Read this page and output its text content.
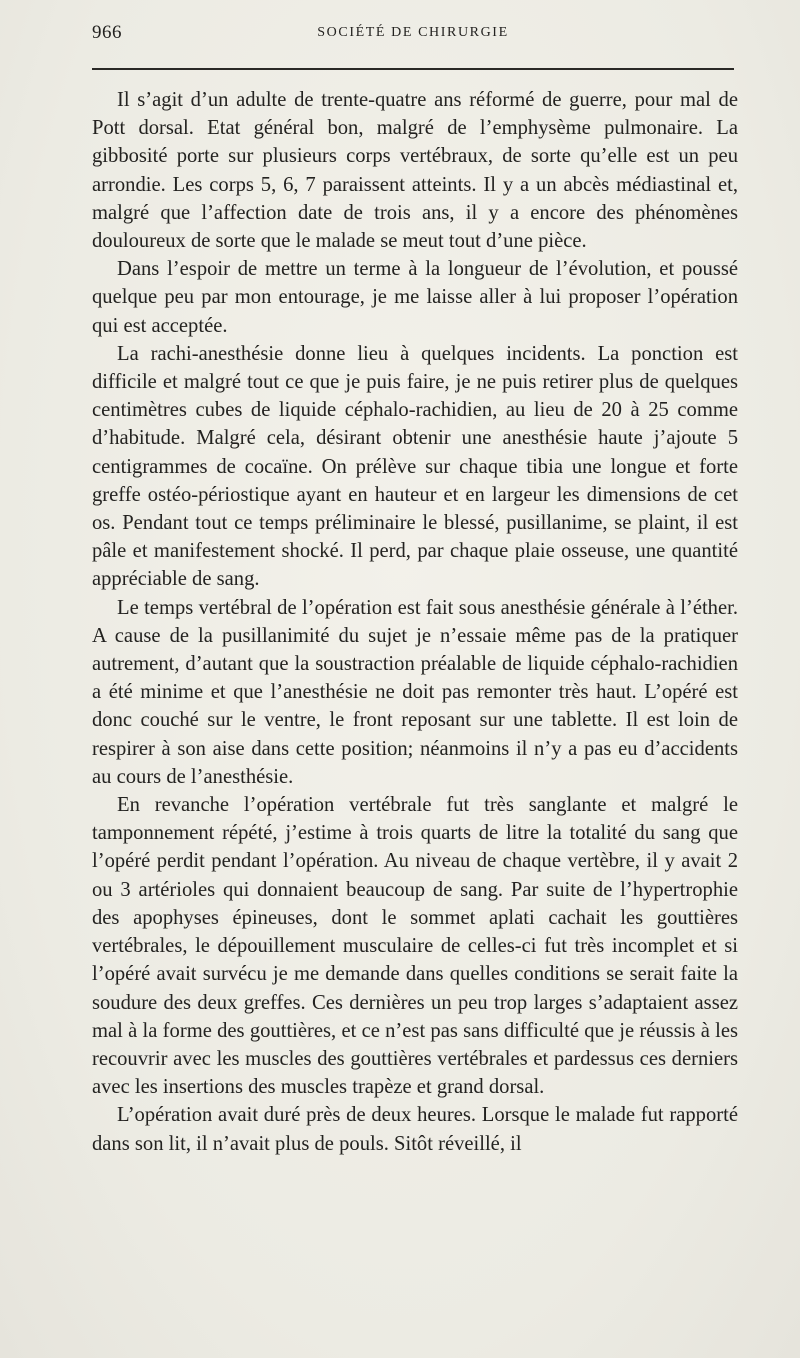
966	SOCIÉTÉ DE CHIRURGIE

Il s’agit d’un adulte de trente-quatre ans réformé de guerre, pour mal de Pott dorsal. Etat général bon, malgré de l’emphysème pulmonaire. La gibbosité porte sur plusieurs corps vertébraux, de sorte qu’elle est un peu arrondie. Les corps 5, 6, 7 paraissent atteints. Il y a un abcès médiastinal et, malgré que l’affection date de trois ans, il y a encore des phénomènes douloureux de sorte que le malade se meut tout d’une pièce.

Dans l’espoir de mettre un terme à la longueur de l’évolution, et poussé quelque peu par mon entourage, je me laisse aller à lui proposer l’opération qui est acceptée.

La rachi-anesthésie donne lieu à quelques incidents. La ponction est difficile et malgré tout ce que je puis faire, je ne puis retirer plus de quelques centimètres cubes de liquide céphalo-rachidien, au lieu de 20 à 25 comme d’habitude. Malgré cela, désirant obtenir une anesthésie haute j’ajoute 5 centigrammes de cocaïne. On prélève sur chaque tibia une longue et forte greffe ostéo-périostique ayant en hauteur et en largeur les dimensions de cet os. Pendant tout ce temps préliminaire le blessé, pusillanime, se plaint, il est pâle et manifestement shocké. Il perd, par chaque plaie osseuse, une quantité appréciable de sang.

Le temps vertébral de l’opération est fait sous anesthésie générale à l’éther. A cause de la pusillanimité du sujet je n’essaie même pas de la pratiquer autrement, d’autant que la soustraction préalable de liquide céphalo-rachidien a été minime et que l’anesthésie ne doit pas remonter très haut. L’opéré est donc couché sur le ventre, le front reposant sur une tablette. Il est loin de respirer à son aise dans cette position; néanmoins il n’y a pas eu d’accidents au cours de l’anesthésie.

En revanche l’opération vertébrale fut très sanglante et malgré le tamponnement répété, j’estime à trois quarts de litre la totalité du sang que l’opéré perdit pendant l’opération. Au niveau de chaque vertèbre, il y avait 2 ou 3 artérioles qui donnaient beaucoup de sang. Par suite de l’hypertrophie des apophyses épineuses, dont le sommet aplati cachait les gouttières vertébrales, le dépouillement musculaire de celles-ci fut très incomplet et si l’opéré avait survécu je me demande dans quelles conditions se serait faite la soudure des deux greffes. Ces dernières un peu trop larges s’adaptaient assez mal à la forme des gouttières, et ce n’est pas sans difficulté que je réussis à les recouvrir avec les muscles des gouttières vertébrales et pardessus ces derniers avec les insertions des muscles trapèze et grand dorsal.

L’opération avait duré près de deux heures. Lorsque le malade fut rapporté dans son lit, il n’avait plus de pouls. Sitôt réveillé, il
